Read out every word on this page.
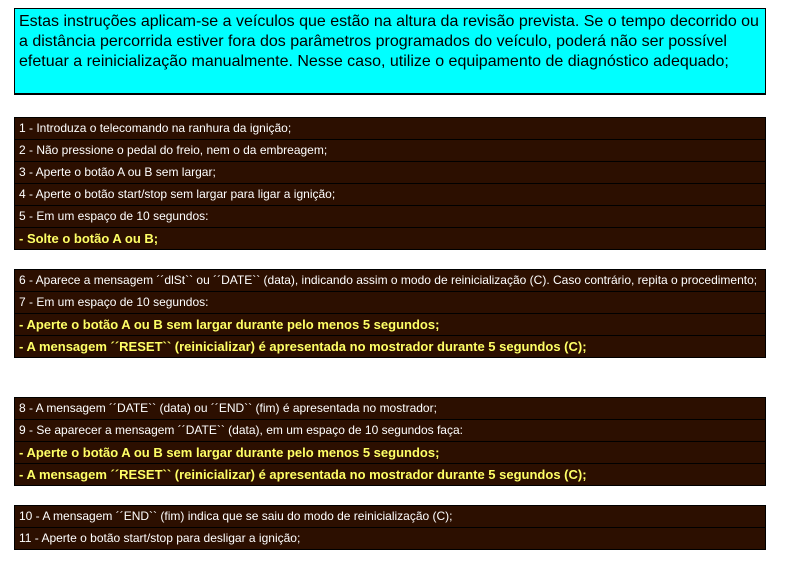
Estas instruções aplicam-se a veículos que estão na altura da revisão prevista. Se o tempo decorrido ou a distância percorrida estiver fora dos parâmetros programados do veículo, poderá não ser possível efetuar a reinicialização manualmente. Nesse caso, utilize o equipamento de diagnóstico adequado;
1 - Introduza o telecomando na ranhura da ignição;
2 - Não pressione o pedal do freio, nem o da embreagem;
3 - Aperte o botão A ou B sem largar;
4 - Aperte o botão start/stop sem largar para ligar a ignição;
5 - Em um espaço de 10 segundos:
- Solte o botão A ou B;
6 - Aparece a mensagem ´´dlSt`` ou ´´DATE`` (data), indicando assim o modo de reinicialização (C). Caso contrário, repita o procedimento;
7 - Em um espaço de 10 segundos:
- Aperte o botão A ou B sem largar durante pelo menos 5 segundos;
- A mensagem ´´RESET`` (reinicializar) é apresentada no mostrador durante 5 segundos (C);
8 - A mensagem ´´DATE`` (data) ou ´´END`` (fim) é apresentada no mostrador;
9 - Se aparecer a mensagem ´´DATE`` (data), em um espaço de 10 segundos faça:
- Aperte o botão A ou B sem largar durante pelo menos 5 segundos;
- A mensagem ´´RESET`` (reinicializar) é apresentada no mostrador durante 5 segundos (C);
10 - A mensagem ´´END`` (fim) indica que se saiu do modo de reinicialização (C);
11 - Aperte o botão start/stop para desligar a ignição;
